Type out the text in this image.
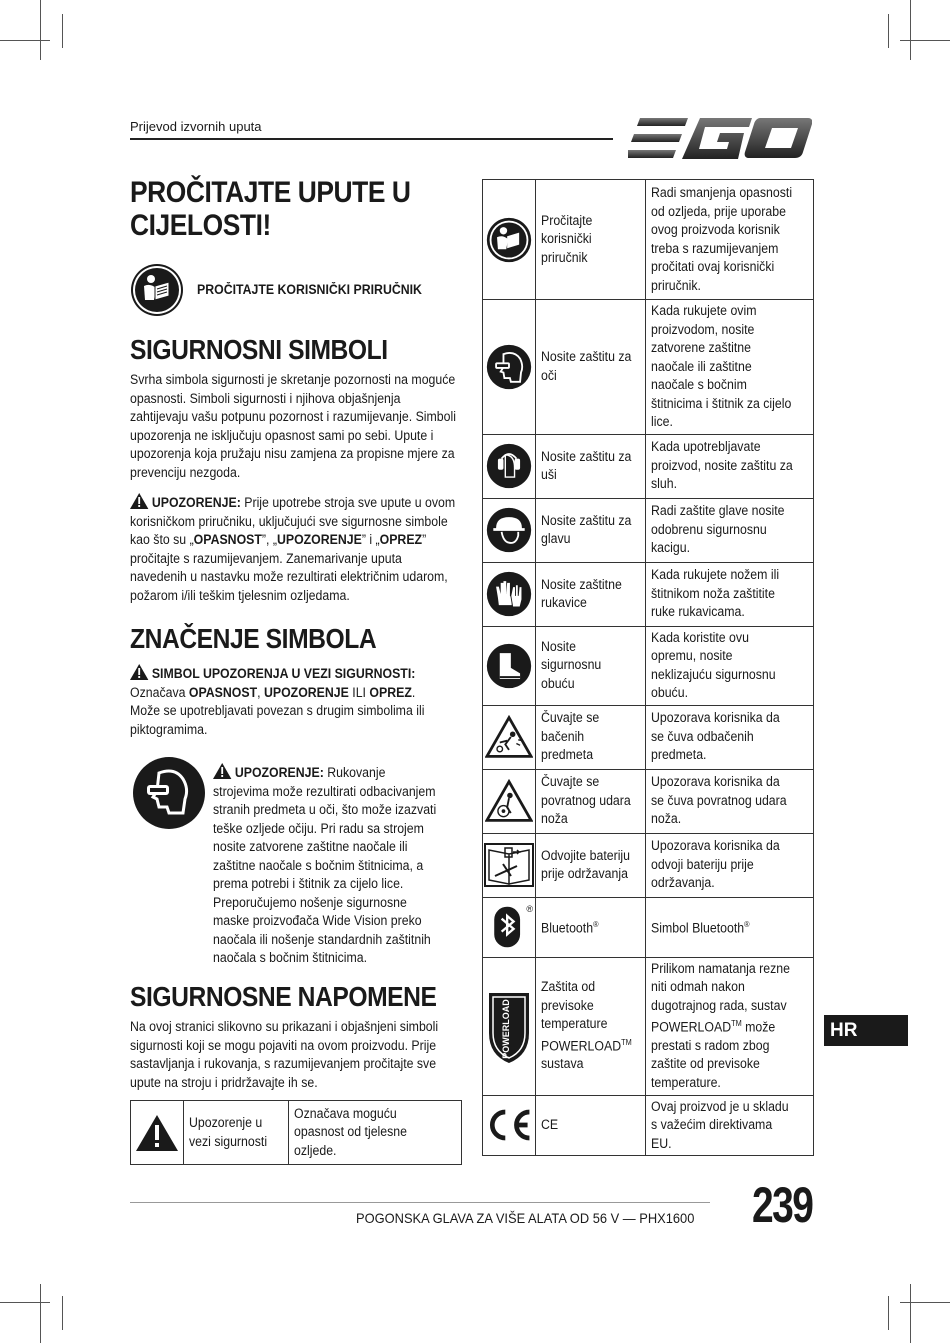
Prijevod izvornih uputa
PROČITAJTE UPUTE U CIJELOSTI!
PROČITAJTE KORISNIČKI PRIRUČNIK
SIGURNOSNI SIMBOLI

Svrha simbola sigurnosti je skretanje pozornosti na moguće opasnosti. Simboli sigurnosti i njihova objašnjenja zahtijevaju vašu potpunu pozornost i razumijevanje. Simboli upozorenja ne isključuju opasnost sami po sebi. Upute i upozorenja koja pružaju nisu zamjena za propisne mjere za prevenciju nezgoda.

UPOZORENJE: Prije upotrebe stroja sve upute u ovom korisničkom priručniku, uključujući sve sigurnosne simbole kao što su „OPASNOST”, „UPOZORENJE” i „OPREZ” pročitajte s razumijevanjem. Zanemarivanje uputa navedenih u nastavku može rezultirati električnim udarom, požarom i/ili teškim tjelesnim ozljedama.

ZNAČENJE SIMBOLA

SIMBOL UPOZORENJA U VEZI SIGURNOSTI:
Označava OPASNOST, UPOZORENJE ILI OPREZ.
Može se upotrebljavati povezan s drugim simbolima ili piktogramima.

UPOZORENJE: Rukovanje strojevima može rezultirati odbacivanjem stranih predmeta u oči, što može izazvati teške ozljede očiju. Pri radu sa strojem nosite zatvorene zaštitne naočale ili zaštitne naočale s bočnim štitnicima, a prema potrebi i štitnik za cijelo lice. Preporučujemo nošenje sigurnosne maske proizvođača Wide Vision preko naočala ili nošenje standardnih zaštitnih naočala s bočnim štitnicima.

SIGURNOSNE NAPOMENE

Na ovoj stranici slikovno su prikazani i objašnjeni simboli sigurnosti koji se mogu pojaviti na ovom proizvodu. Prije sastavljanja i rukovanja, s razumijevanjem pročitajte sve upute na stroju i pridržavajte ih se.

	Upozorenje u vezi sigurnosti	Označava moguću opasnost od tjelesne ozljede.
	Pročitajte korisnički priručnik	Radi smanjenja opasnosti od ozljeda, prije uporabe ovog proizvoda korisnik treba s razumijevanjem pročitati ovaj korisnički priručnik.

	Nosite zaštitu za oči	Kada rukujete ovim proizvodom, nosite zatvorene zaštitne naočale ili zaštitne naočale s bočnim štitnicima i štitnik za cijelo lice.

	Nosite zaštitu za uši	Kada upotrebljavate proizvod, nosite zaštitu za sluh.

	Nosite zaštitu za glavu	Radi zaštite glave nosite odobrenu sigurnosnu kacigu.

	Nosite zaštitne rukavice	Kada rukujete nožem ili štitnikom noža zaštitite ruke rukavicama.

	Nosite sigurnosnu obuću	Kada koristite ovu opremu, nosite neklizajuću sigurnosnu obuću.

	Čuvajte se bačenih predmeta	Upozorava korisnika da se čuva odbačenih predmeta.

	Čuvajte se povratnog udara noža	Upozorava korisnika da se čuva povratnog udara noža.

	Odvojite bateriju prije održavanja	Upozorava korisnika da odvoji bateriju prije održavanja.

®	Bluetooth®	Simbol Bluetooth®

POWERLOAD	Zaštita od previsoke temperature POWERLOAD™ sustava	Prilikom namatanja rezne niti odmah nakon dugotrajnog rada, sustav POWERLOAD™ može prestati s radom zbog zaštite od previsoke temperature.

	CE	Ovaj proizvod je u skladu s važećim direktivama EU.
HR
POGONSKA GLAVA ZA VIŠE ALATA OD 56 V — PHX1600 239
